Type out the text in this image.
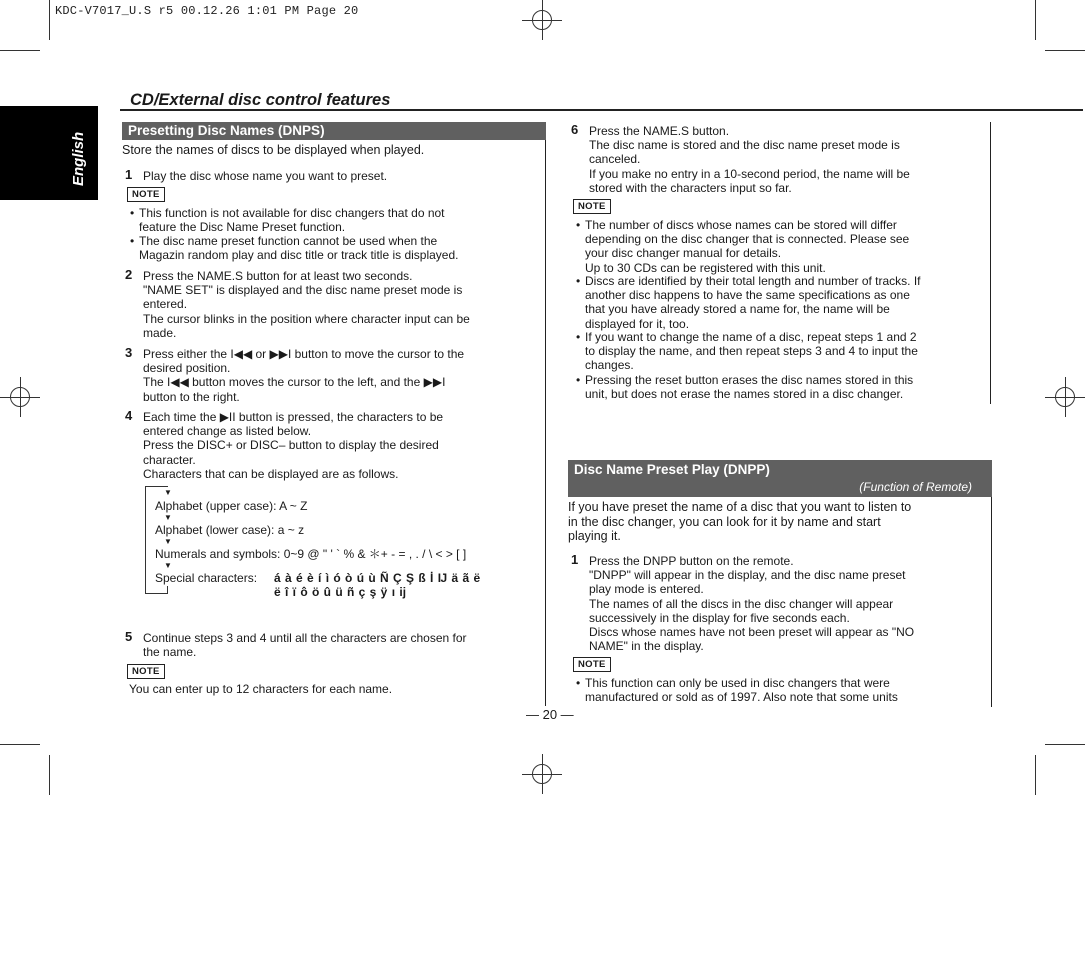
KDC-V7017_U.S r5 00.12.26 1:01 PM Page 20
English
CD/External disc control features
Presetting Disc Names (DNPS)
Store the names of discs to be displayed when played.
1 Play the disc whose name you want to preset.
NOTE
• This function is not available for disc changers that do not
feature the Disc Name Preset function.
• The disc name preset function cannot be used when the
Magazin random play and disc title or track title is displayed.
2 Press the NAME.S button for at least two seconds.
"NAME SET" is displayed and the disc name preset mode is
entered.
The cursor blinks in the position where character input can be
made.
3 Press either the I◀◀ or ▶▶I button to move the cursor to the
desired position.
The I◀◀ button moves the cursor to the left, and the ▶▶I
button to the right.
4 Each time the ▶II button is pressed, the characters to be
entered change as listed below.
Press the DISC+ or DISC– button to display the desired
character.
Characters that can be displayed are as follows.
▼
Alphabet (upper case): A ~ Z
▼
Alphabet (lower case): a ~ z
▼
Numerals and symbols: 0~9 @ " ' ` % & ＊+ - = , . / \ < > [ ]
▼
Special characters: á à é è í ì ó ò ú ù Ñ Ç Ş ß İ Ĳ ä ã ë
ë î ï ô ö û ü ñ ç ş ÿ ı ĳ
5 Continue steps 3 and 4 until all the characters are chosen for
the name.
NOTE
You can enter up to 12 characters for each name.
— 20 —
6 Press the NAME.S button.
The disc name is stored and the disc name preset mode is
canceled.
If you make no entry in a 10-second period, the name will be
stored with the characters input so far.
NOTE
• The number of discs whose names can be stored will differ
depending on the disc changer that is connected. Please see
your disc changer manual for details.
Up to 30 CDs can be registered with this unit.
• Discs are identified by their total length and number of tracks. If
another disc happens to have the same specifications as one
that you have already stored a name for, the name will be
displayed for it, too.
• If you want to change the name of a disc, repeat steps 1 and 2
to display the name, and then repeat steps 3 and 4 to input the
changes.
• Pressing the reset button erases the disc names stored in this
unit, but does not erase the names stored in a disc changer.
Disc Name Preset Play (DNPP)
(Function of Remote)
If you have preset the name of a disc that you want to listen to
in the disc changer, you can look for it by name and start
playing it.
1 Press the DNPP button on the remote.
"DNPP" will appear in the display, and the disc name preset
play mode is entered.
The names of all the discs in the disc changer will appear
successively in the display for five seconds each.
Discs whose names have not been preset will appear as "NO
NAME" in the display.
NOTE
• This function can only be used in disc changers that were
manufactured or sold as of 1997. Also note that some units
